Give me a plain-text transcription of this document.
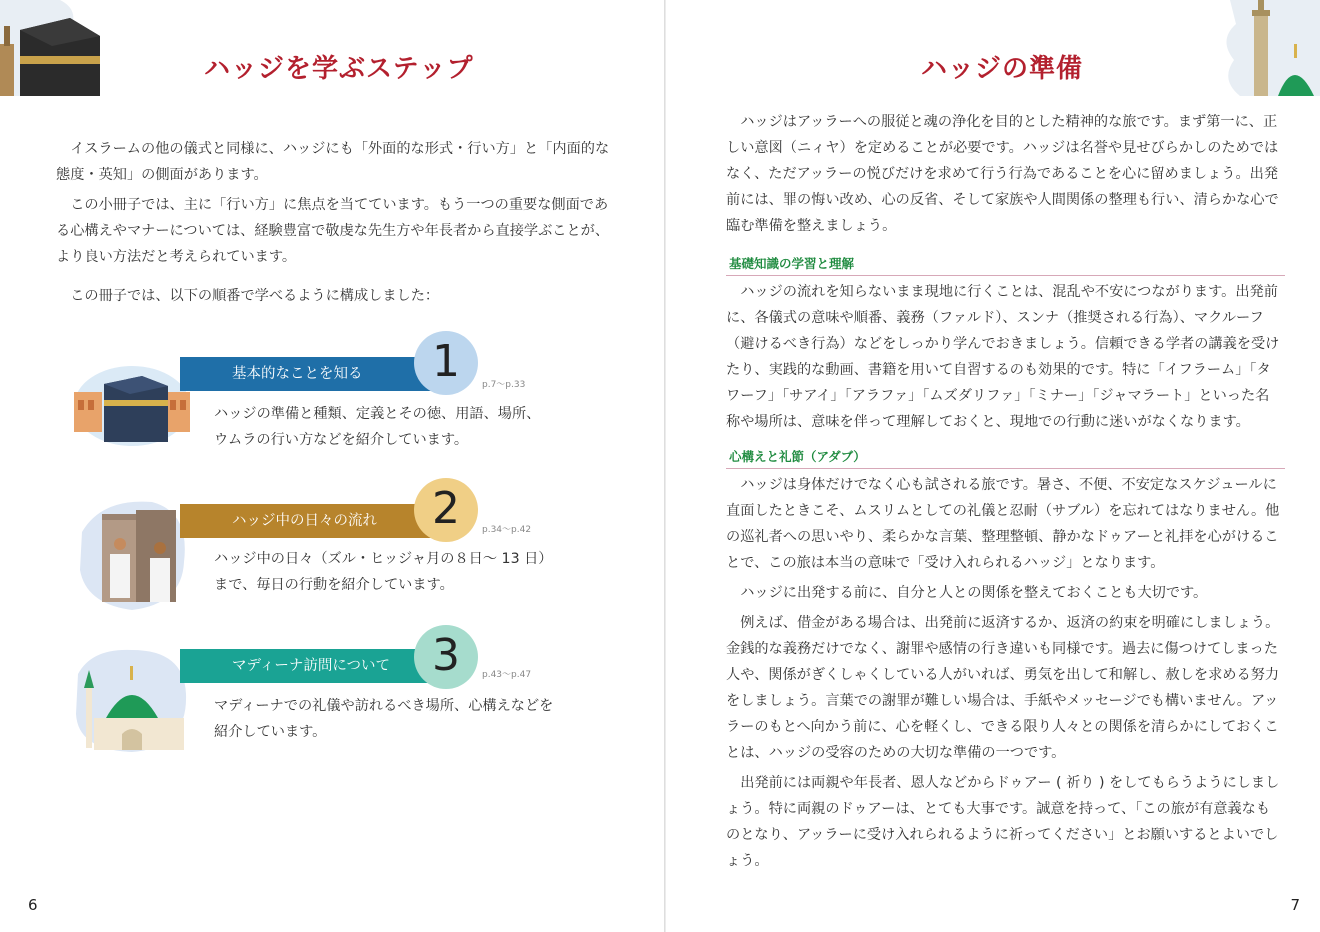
ハッジを学ぶステップ

イスラームの他の儀式と同様に、ハッジにも「外面的な形式・行い方」と「内面的な態度・英知」の側面があります。

この小冊子では、主に「行い方」に焦点を当てています。もう一つの重要な側面である心構えやマナーについては、経験豊富で敬虔な先生方や年長者から直接学ぶことが、より良い方法だと考えられています。

この冊子では、以下の順番で学べるように構成しました：

基本的なことを知る	1	p.7～p.33
ハッジの準備と種類、定義とその徳、用語、場所、
ウムラの行い方などを紹介しています。
ハッジ中の日々の流れ	2	p.34～p.42
ハッジ中の日々（ズル・ヒッジャ月の８日～ 13 日）
まで、毎日の行動を紹介しています。
マディーナ訪問について 3	p.43～p.47
マディーナでの礼儀や訪れるべき場所、心構えなどを
紹介しています。
6
ハッジの準備

ハッジはアッラーへの服従と魂の浄化を目的とした精神的な旅です。まず第一に、正しい意図（ニィヤ）を定めることが必要です。ハッジは名誉や見せびらかしのためではなく、ただアッラーの悦びだけを求めて行う行為であることを心に留めましょう。出発前には、罪の悔い改め、心の反省、そして家族や人間関係の整理も行い、清らかな心で臨む準備を整えましょう。

基礎知識の学習と理解

ハッジの流れを知らないまま現地に行くことは、混乱や不安につながります。出発前に、各儀式の意味や順番、義務（ファルド）、スンナ（推奨される行為）、マクルーフ（避けるべき行為）などをしっかり学んでおきましょう。信頼できる学者の講義を受けたり、実践的な動画、書籍を用いて自習するのも効果的です。特に「イフラーム」「タワーフ」「サアイ」「アラファ」「ムズダリファ」「ミナー」「ジャマラート」といった名称や場所は、意味を伴って理解しておくと、現地での行動に迷いがなくなります。

心構えと礼節（アダブ）

ハッジは身体だけでなく心も試される旅です。暑さ、不便、不安定なスケジュールに直面したときこそ、ムスリムとしての礼儀と忍耐（サブル）を忘れてはなりません。他の巡礼者への思いやり、柔らかな言葉、整理整頓、静かなドゥアーと礼拝を心がけることで、この旅は本当の意味で「受け入れられるハッジ」となります。

ハッジに出発する前に、自分と人との関係を整えておくことも大切です。

例えば、借金がある場合は、出発前に返済するか、返済の約束を明確にしましょう。金銭的な義務だけでなく、謝罪や感情の行き違いも同様です。過去に傷つけてしまった人や、関係がぎくしゃくしている人がいれば、勇気を出して和解し、赦しを求める努力をしましょう。言葉での謝罪が難しい場合は、手紙やメッセージでも構いません。アッラーのもとへ向かう前に、心を軽くし、できる限り人々との関係を清らかにしておくことは、ハッジの受容のための大切な準備の一つです。

出発前には両親や年長者、恩人などからドゥアー ( 祈り ) をしてもらうようにしましょう。特に両親のドゥアーは、とても大事です。誠意を持って、「この旅が有意義なものとなり、アッラーに受け入れられるように祈ってください」とお願いするとよいでしょう。

7
